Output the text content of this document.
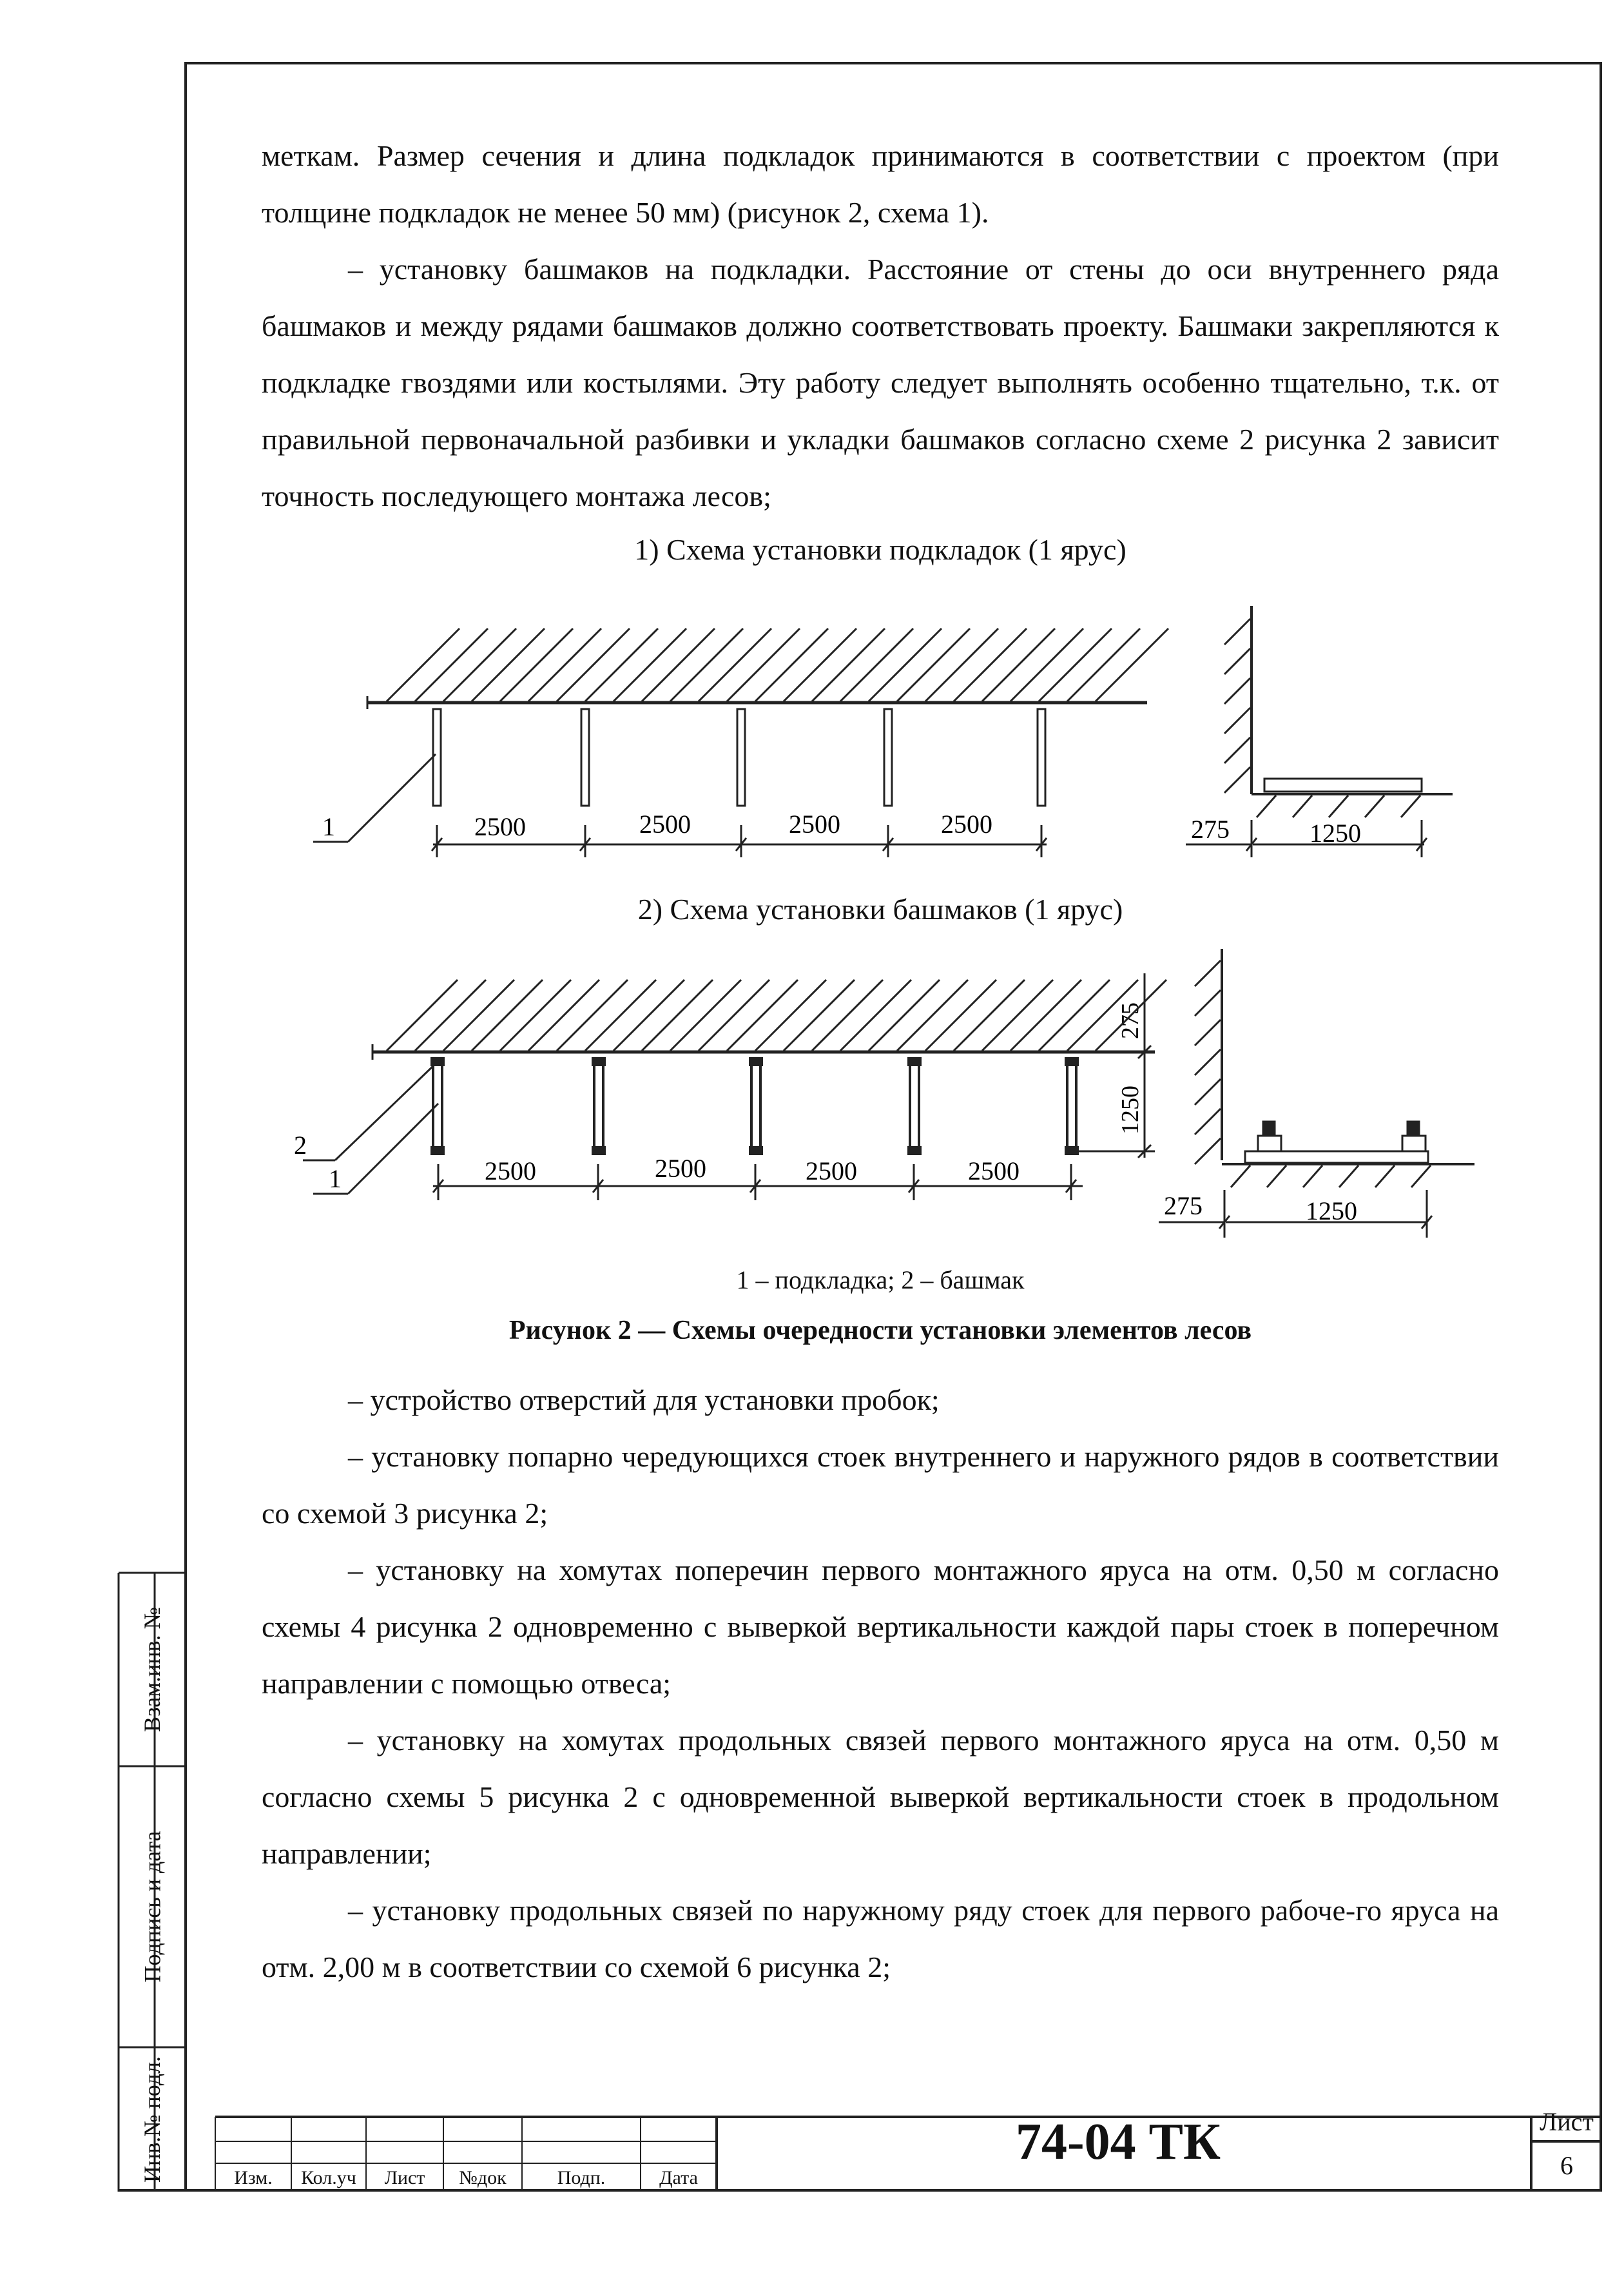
меткам. Размер сечения и длина подкладок принимаются в соответствии с проектом (при толщине подкладок не менее 50 мм) (рисунок 2, схема 1).

– установку башмаков на подкладки. Расстояние от стены до оси внутреннего ряда башмаков и между рядами башмаков должно соответствовать проекту. Башмаки закрепляются к подкладке гвоздями или костылями. Эту работу следует выполнять особенно тщательно, т.к. от правильной первоначальной разбивки и укладки башмаков согласно схеме 2 рисунка 2 зависит точность последующего монтажа лесов;

1) Схема установки подкладок (1 ярус)
2500	2500	2500	2500
1	275	1250
2) Схема установки башмаков (1 ярус)
2500	2500	2500	2500
275
1250
2
1
275	1250
1 – подкладка; 2 – башмак
Рисунок 2 — Схемы очередности установки элементов лесов

– устройство отверстий для установки пробок;

– установку попарно чередующихся стоек внутреннего и наружного рядов в соответствии со схемой 3 рисунка 2;

– установку на хомутах поперечин первого монтажного яруса на отм. 0,50 м согласно схемы 4 рисунка 2 одновременно с выверкой вертикальности каждой пары стоек в поперечном направлении с помощью отвеса;

– установку на хомутах продольных связей первого монтажного яруса на отм. 0,50 м согласно схемы 5 рисунка 2 с одновременной выверкой вертикальности стоек в продольном направлении;

– установку продольных связей по наружному ряду стоек для первого рабоче-го яруса на отм. 2,00 м в соответствии со схемой 6 рисунка 2;

Взам.инв. №
Подпись и дата
Инв.№ подл.	Изм.	Кол.уч	Лист	№док	Подп.	Дата
74-04 ТК	Лист
6
